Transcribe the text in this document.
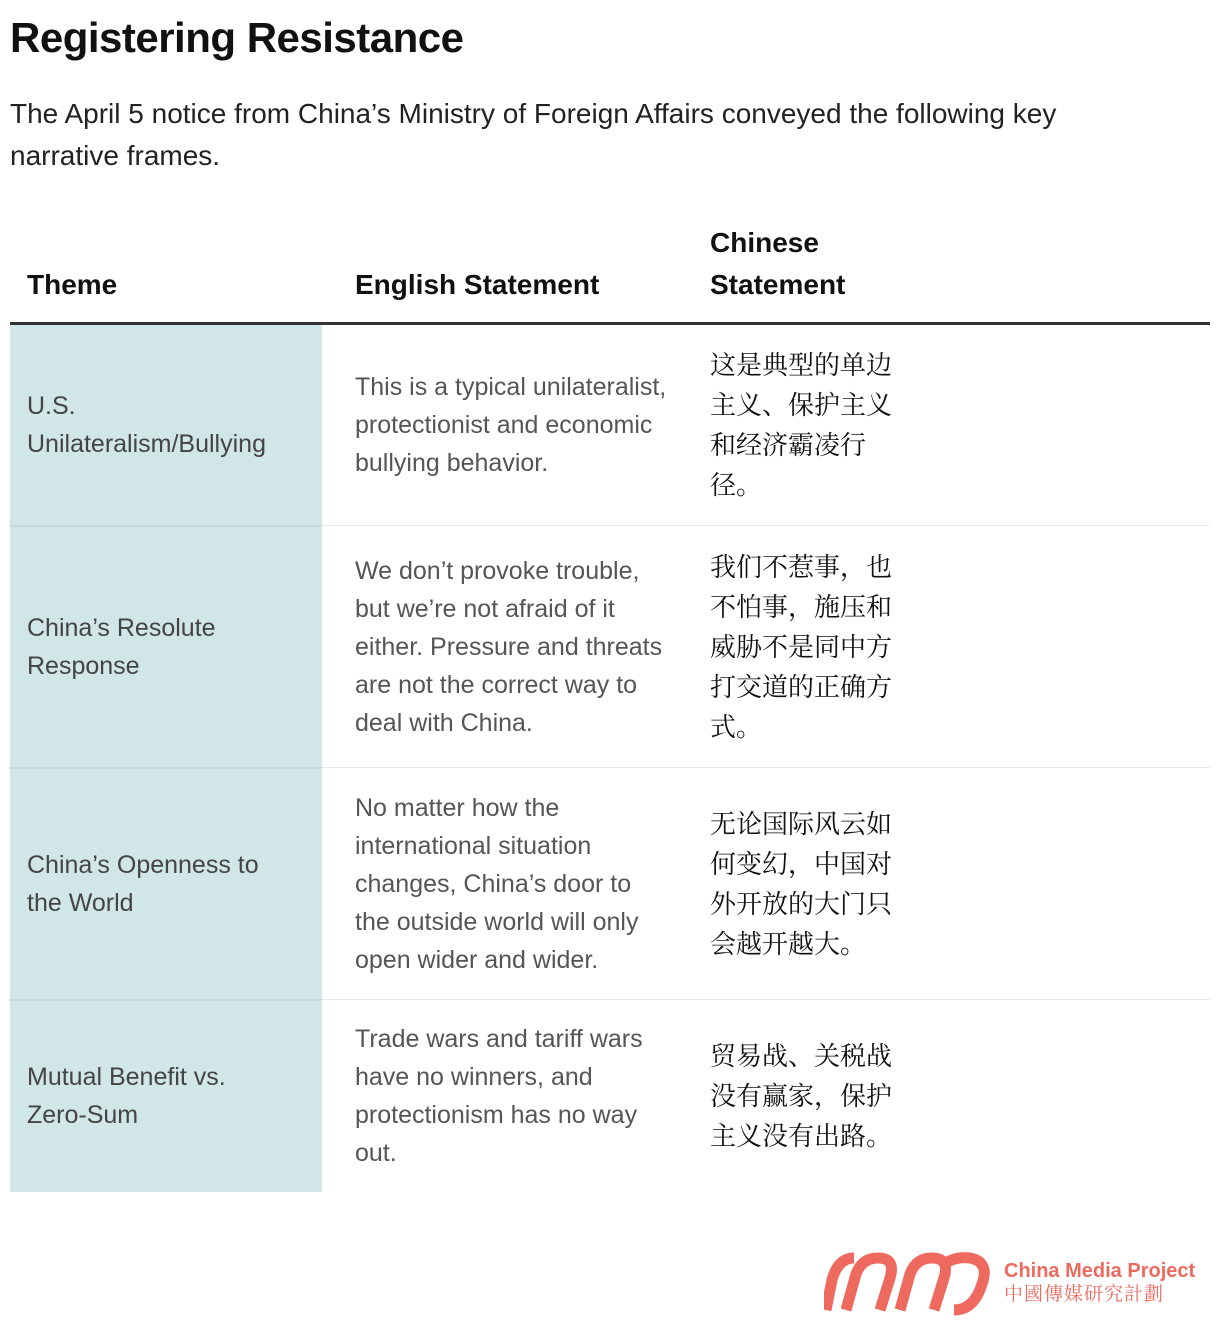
Registering Resistance

The April 5 notice from China’s Ministry of Foreign Affairs conveyed the following key narrative frames.

Theme	English Statement	Chinese Statement	

U.S. Unilateralism/Bullying	This is a typical unilateralist, protectionist and economic bullying behavior.	这是典型的单边主义、保护主义和经济霸凌行径。	

China’s Resolute Response	We don’t provoke trouble, but we’re not afraid of it either. Pressure and threats are not the correct way to deal with China.	我们不惹事，也不怕事，施压和威胁不是同中方打交道的正确方式。	

China’s Openness to the World	No matter how the international situation changes, China’s door to the outside world will only open wider and wider.	无论国际风云如何变幻，中国对外开放的大门只会越开越大。	

Mutual Benefit vs. Zero-Sum	Trade wars and tariff wars have no winners, and protectionism has no way out.	贸易战、关税战没有赢家，保护主义没有出路。	

China Media Project
中國傳媒研究計劃
